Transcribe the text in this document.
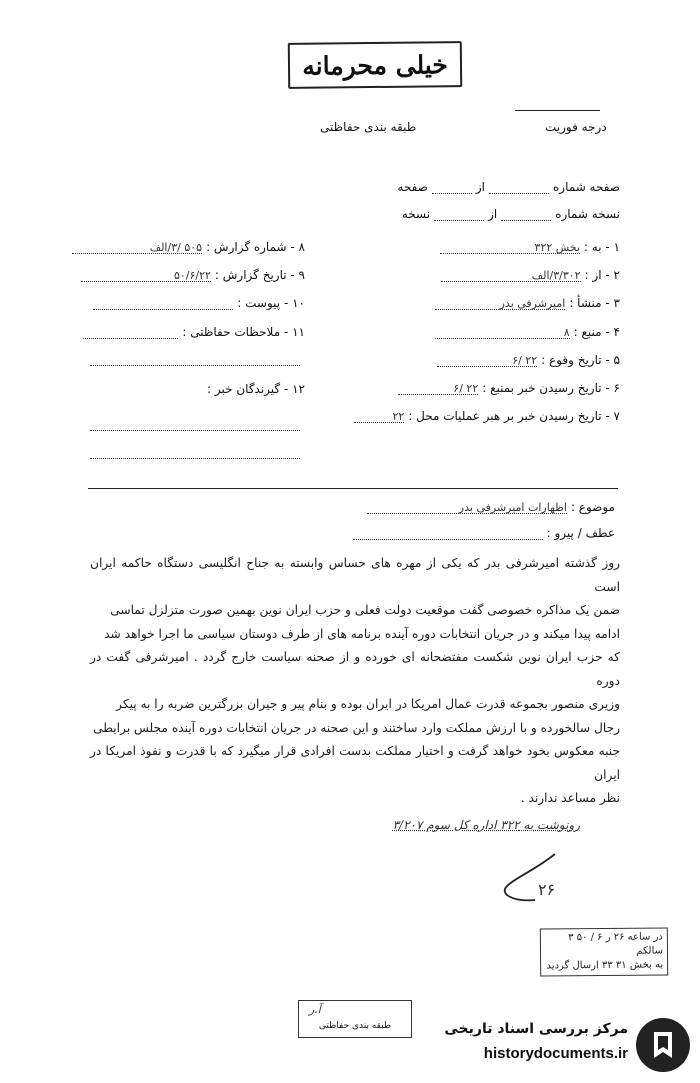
خیلی محرمانه
طبقه بندی حفاظتی	درجه فوریت
صفحه شماره
از
صفحه
نسخه شماره
از
نسخه
۱ - به :
بخش ۳۲۲
۲ - از :
۳/۳۰۲/الف
۳ - منشأ :
امیرشرفی بدر
۴ - منبع :
۸
۵ - تاریخ وقوع :
۲۲ /۶
۶ - تاریخ رسیدن خبر بمنبع :
۲۲ /۶
۷ - تاریخ رسیدن خبر بر هبر عملیات محل :
۲۲
۸ - شماره گزارش :
۵۰۵ /۳/الف
۹ - تاریخ گزارش :
۵۰/۶/۲۲
۱۰ - پیوست :
۱۱ - ملاحظات حفاظتی :
۱۲ - گیرندگان خبر :
موضوع :
اظهارات امیرشرفی بدر
عطف / پیرو :

روز گذشته امیرشرفی بدر که یکی از مهره های حساس وابسته به جناح انگلیسی دستگاه حاکمه ایران است

ضمن یک مذاکره خصوصی گفت موقعیت دولت فعلی و حزب ایران نوین بهمین صورت متزلزل تماسی

ادامه پیدا میکند و در جریان انتخابات دوره آینده برنامه های از طرف دوستان سیاسی ما اجرا خواهد شد

که حزب ایران نوین شکست مفتضحانه ای خورده و از صحنه سیاست خارج گردد . امیرشرفی گفت در دوره

وزیری منصور بجموعه قدرت عمال امریکا در ایران بوده و بنام پیر و جیران بزرگترین ضربه را به پیکر

رجال سالخورده و با ارزش مملکت وارد ساختند و این صحنه در جریان انتخابات دوره آینده مجلس برایطی

جنبه معکوس بخود خواهد گرفت و اختیار مملکت بدست افرادی قرار میگیرد که با قدرت و نفوذ امریکا در ایران

نظر مساعد ندارند .

رونوشت به ۳۲۲ اداره کل سوم ۳/۲۰۷
۲۶
در ساعه ۲۶ ر ۶ / ۵۰ ۳ سالکم
به بخش ۳۱ ۳۳ ارسال گردید
طبقه بندی حفاظتی
آ.ر
مرکز بررسی اسناد تاریخی
historydocuments.ir
